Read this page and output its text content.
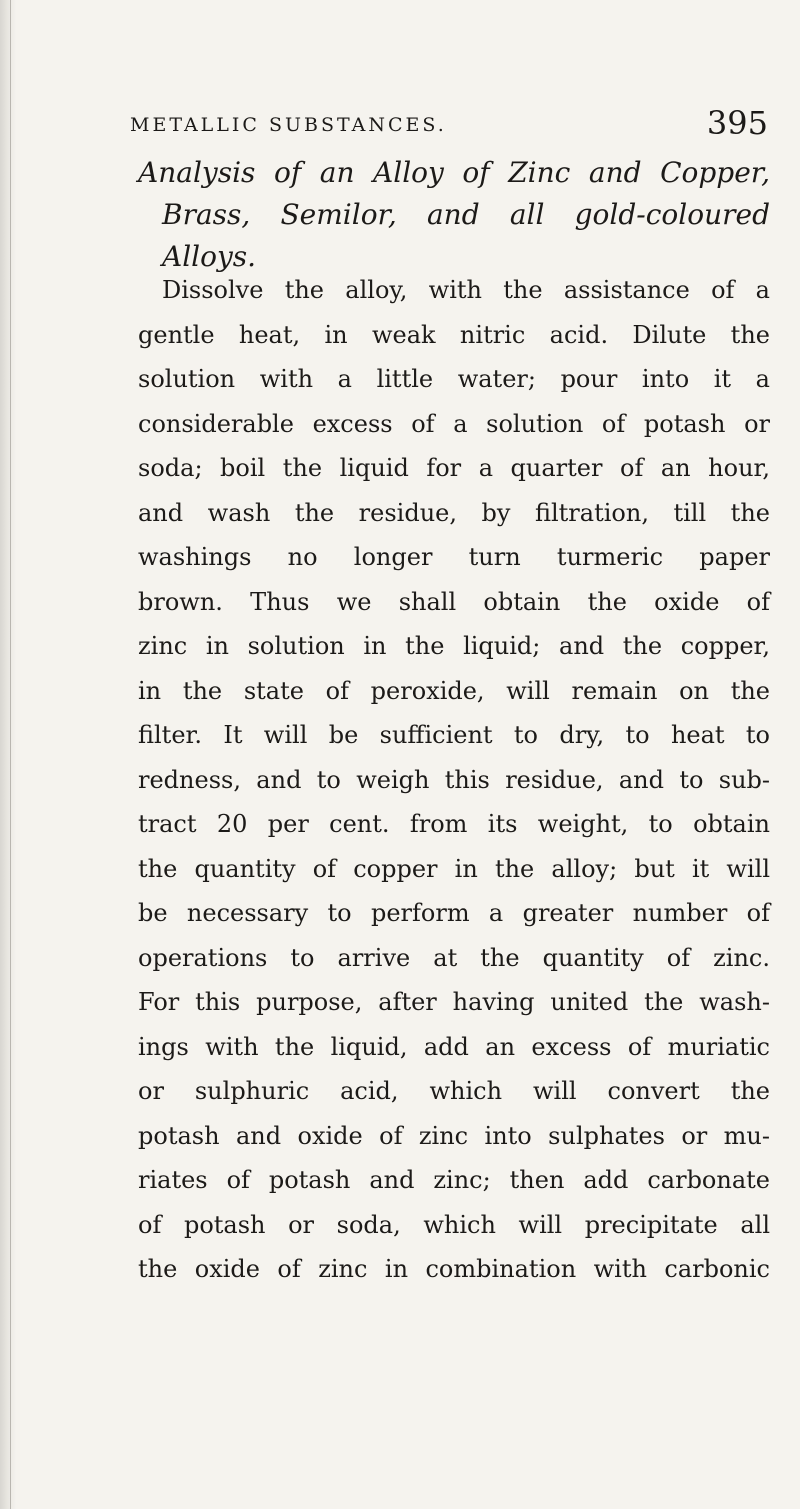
METALLIC SUBSTANCES.	395
Analysis of an Alloy of Zinc and Copper,
Brass, Semilor, and all gold-coloured
Alloys.
Dissolve the alloy, with the assistance of a
gentle heat, in weak nitric acid. Dilute the
solution with a little water; pour into it a
considerable excess of a solution of potash or
soda; boil the liquid for a quarter of an hour,
and wash the residue, by filtration, till the
washings no longer turn turmeric paper
brown. Thus we shall obtain the oxide of
zinc in solution in the liquid; and the copper,
in the state of peroxide, will remain on the
filter. It will be sufficient to dry, to heat to
redness, and to weigh this residue, and to sub-
tract 20 per cent. from its weight, to obtain
the quantity of copper in the alloy; but it will
be necessary to perform a greater number of
operations to arrive at the quantity of zinc.
For this purpose, after having united the wash-
ings with the liquid, add an excess of muriatic
or sulphuric acid, which will convert the
potash and oxide of zinc into sulphates or mu-
riates of potash and zinc; then add carbonate
of potash or soda, which will precipitate all
the oxide of zinc in combination with carbonic
